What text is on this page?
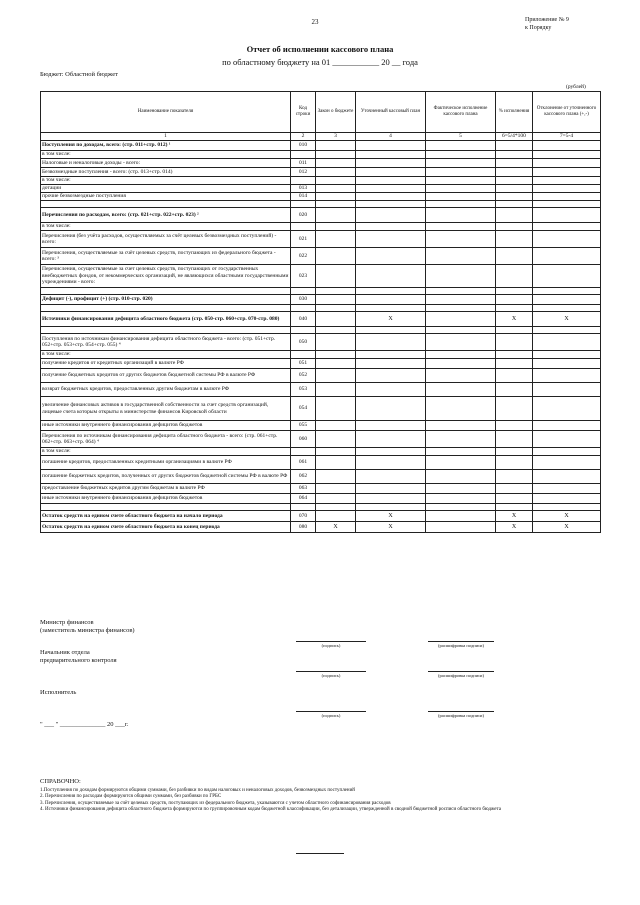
23	Приложение № 9
к Порядку
Отчет об исполнении кассового плана
по областному бюджету на 01 ___________ 20 __ года
Бюджет: Областной бюджет
(рублей)
Наименование показателя	Код строки	Закон о бюджете	Уточненный кассовый план	Фактическое исполнение кассового плана	% исполнения	Отклонение от уточненного кассового плана (+,-)
1	2	3	4	5	6=5/4*100	7=5-4
Поступления по доходам, всего: (стр. 011+стр. 012) ¹	010					
в том числе:						
Налоговые и неналоговые доходы - всего:	011					
Безвозмездные поступления - всего: (стр. 013+стр. 014)	012					
в том числе:						
дотации	013					
прочие безвозмездные поступления	014					

Перечисления по расходам, всего: (стр. 021+стр. 022+стр. 023) ²	020					
в том числе:						
Перечисления (без учёта расходов, осуществляемых за счёт целевых безвозмездных поступлений) - всего:	021					
Перечисления, осуществляемые за счёт целевых средств, поступающих из федерального бюджета - всего: ³	022					
Перечисления, осуществляемые за счет целевых средств, поступающих от государственных внебюджетных фондов, от некоммерческих организаций, не являющихся областными государственными учреждениями - всего:	023					

Дефицит (-), профицит (+) (стр. 010-стр. 020)	030					

Источники финансирования дефицита областного бюджета (стр. 050-стр. 060+стр. 070-стр. 080)	040		X		X	X

Поступления по источникам финансирования дефицита областного бюджета - всего: (стр. 051+стр. 052+стр. 053+стр. 054+стр. 055) ⁴	050					
в том числе:						
получение кредитов от кредитных организаций в валюте РФ	051					
получение бюджетных кредитов от других бюджетов бюджетной системы РФ в валюте РФ	052					
возврат бюджетных кредитов, предоставленных другим бюджетам в валюте РФ	053					
увеличение финансовых активов в государственной собственности за счет средств организаций, лицевые счета которым открыты в министерстве финансов Кировской области	054					
иные источники внутреннего финансирования дефицитов бюджетов	055					
Перечисления по источникам финансирования дефицита областного бюджета - всего: (стр. 061+стр. 062+стр. 063+стр. 064) ⁴	060					
в том числе:						
погашение кредитов, предоставленных кредитными организациями в валюте РФ	061					
погашение бюджетных кредитов, полученных от других бюджетов бюджетной системы РФ в валюте РФ	062					
предоставление бюджетных кредитов другим бюджетам в валюте РФ	063					
иные источники внутреннего финансирования дефицитов бюджетов	064					

Остаток средств на едином счете областного бюджета на начало периода	070		X		X	X
Остаток средств на едином счете областного бюджета на конец периода	080	X	X		X	X
Министр финансов
(заместитель министра финансов)
(подпись)	(расшифровка подписи)
Начальник отдела
предварительного контроля
(подпись)	(расшифровка подписи)
Исполнитель
(подпись)	(расшифровка подписи)
" ___ " ______________ 20 ___г.
СПРАВОЧНО:
1.Поступления по доходам формируются общими суммами, без разбивки по видам налоговых и неналоговых доходов, безвозмездных поступлений
2. Перечисления по расходам формируются общими суммами, без разбивки по ГРБС
3. Перечисления, осуществляемые за счёт целевых средств, поступающих из федерального бюджета, указываются с учетом областного софинансирования расходов
4. Источники финансирования дефицита областного бюджета формируются по группировочным кодам бюджетной классификации, без детализации, утвержденной в сводной бюджетной росписи областного бюджета
